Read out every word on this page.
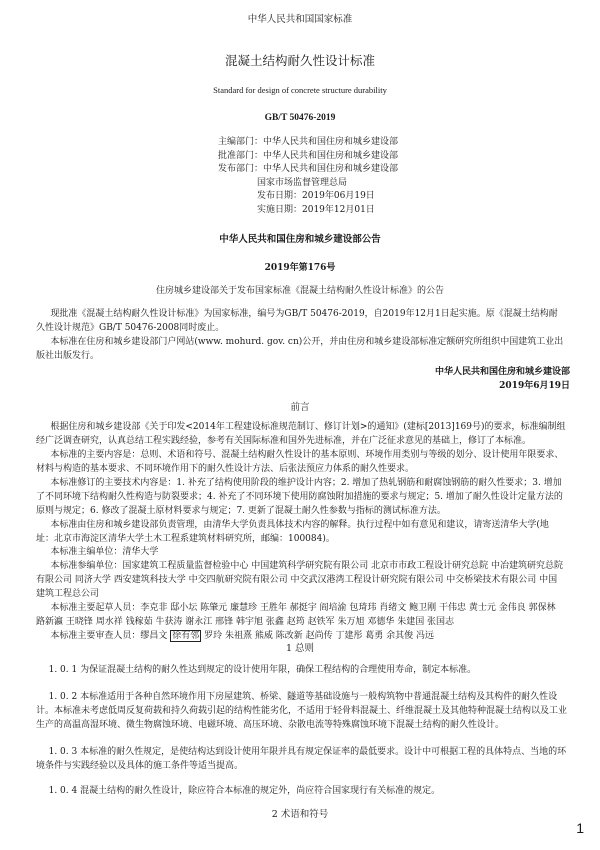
中华人民共和国国家标准
混凝土结构耐久性设计标准
Standard for design of concrete structure durability
GB/T 50476-2019
主编部门：中华人民共和国住房和城乡建设部
批准部门：中华人民共和国住房和城乡建设部
发布部门：中华人民共和国住房和城乡建设部
国家市场监督管理总局
发布日期：2019年06月19日
实施日期：2019年12月01日
中华人民共和国住房和城乡建设部公告
2019年第176号
住房城乡建设部关于发布国家标准《混凝土结构耐久性设计标准》的公告

现批准《混凝土结构耐久性设计标准》为国家标准，编号为GB/T 50476-2019，自2019年12月1日起实施。原《混凝土结构耐久性设计规范》GB/T 50476-2008同时废止。

本标准在住房和城乡建设部门户网站(www. mohurd. gov. cn)公开，并由住房和城乡建设部标准定额研究所组织中国建筑工业出版社出版发行。

中华人民共和国住房和城乡建设部
2019年6月19日
前言

根据住房和城乡建设部《关于印发<2014年工程建设标准规范制订、修订计划>的通知》(建标[2013]169号)的要求，标准编制组经广泛调查研究，认真总结工程实践经验，参考有关国际标准和国外先进标准，并在广泛征求意见的基础上，修订了本标准。

本标准的主要内容是：总则、术语和符号、混凝土结构耐久性设计的基本原则、环境作用类别与等级的划分、设计使用年限要求、材料与构造的基本要求、不同环境作用下的耐久性设计方法、后张法预应力体系的耐久性要求。

本标准修订的主要技术内容是：1. 补充了结构使用阶段的维护设计内容；2. 增加了热轧钢筋和耐腐蚀钢筋的耐久性要求；3. 增加了不同环境下结构耐久性构造与防裂要求；4. 补充了不同环境下使用防腐蚀附加措施的要求与规定；5. 增加了耐久性设计定量方法的原则与规定；6. 修改了混凝土原材料要求与规定；7. 更新了混凝土耐久性参数与指标的测试标准方法。

本标准由住房和城乡建设部负责管理，由清华大学负责具体技术内容的解释。执行过程中如有意见和建议，请寄送清华大学(地址：北京市海淀区清华大学土木工程系建筑材料研究所，邮编：100084)。

本标准主编单位：清华大学

本标准参编单位：国家建筑工程质量监督检验中心 中国建筑科学研究院有限公司 北京市市政工程设计研究总院 中冶建筑研究总院有限公司 同济大学 西安建筑科技大学 中交四航研究院有限公司 中交武汉港湾工程设计研究院有限公司 中交桥梁技术有限公司 中国建筑工程总公司

本标准主要起草人员：李克非 邸小坛 陈肇元 廉慧珍 王胜年 郝挺宇 阎培渝 包琦玮 肖绪文 鲍卫刚 干伟忠 黄士元 金伟良 郭保林 路新瀛 王晓锋 周水祥 钱稼茹 牛获涛 谢永江 邢锋 韩宇旭 张鑫 赵筠 赵铁军 朱万旭 邓德华 朱建国 张国志

本标准主要审查人员：缪昌文 徐有邻 罗玲 朱祖熹 熊威 陈改新 赵尚传 丁建彤 葛勇 余其俊 冯远

1 总则

1. 0. 1 为保证混凝土结构的耐久性达到规定的设计使用年限，确保工程结构的合理使用寿命，制定本标准。

1. 0. 2 本标准适用于各种自然环境作用下房屋建筑、桥梁、隧道等基础设施与一般构筑物中普通混凝土结构及其构件的耐久性设计。本标准未考虑低周反复荷载和持久荷载引起的结构性能劣化，不适用于轻骨料混凝土、纤维混凝土及其他特种混凝土结构以及工业生产的高温高湿环境、微生物腐蚀环境、电磁环境、高压环境、杂散电流等特殊腐蚀环境下混凝土结构的耐久性设计。

1. 0. 3 本标准的耐久性规定，是使结构达到设计使用年限并具有规定保证率的最低要求。设计中可根据工程的具体特点、当地的环境条件与实践经验以及具体的施工条件等适当提高。

1. 0. 4 混凝土结构的耐久性设计，除应符合本标准的规定外，尚应符合国家现行有关标准的规定。

2 术语和符号
1
